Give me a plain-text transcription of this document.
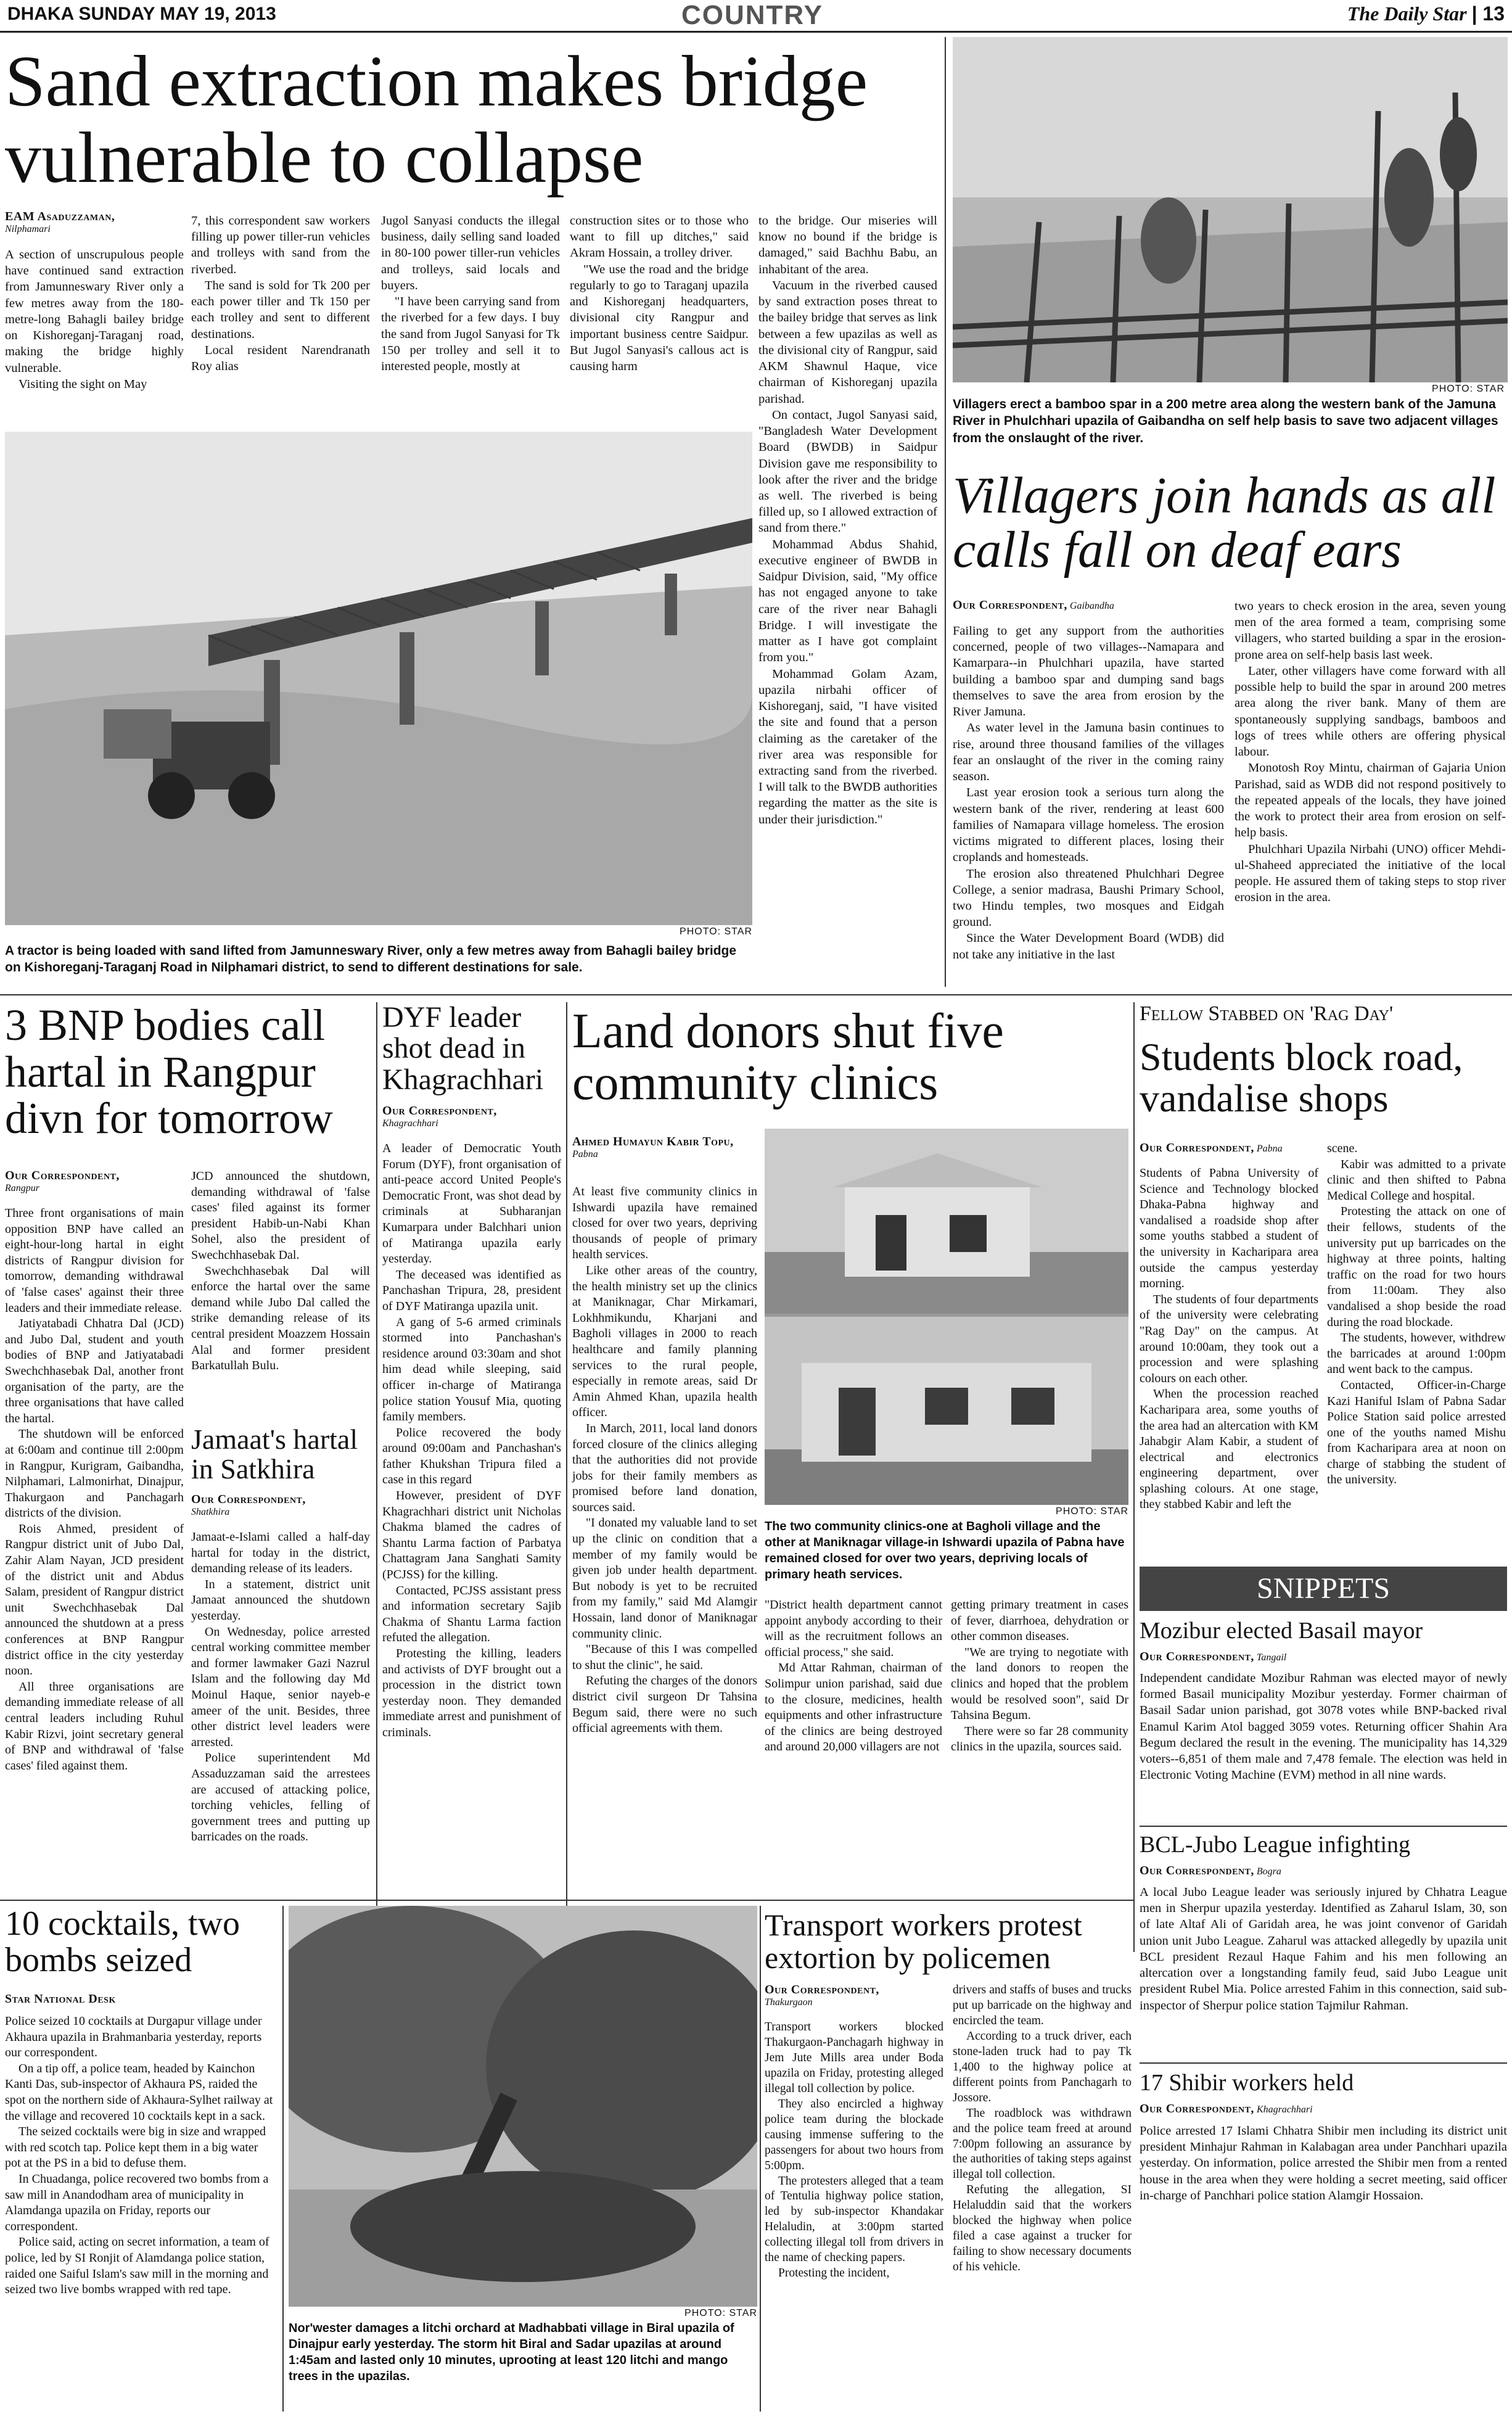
DHAKA SUNDAY MAY 19, 2013	COUNTRY	The Daily Star | 13
Sand extraction makes bridge vulnerable to collapse
EAM Asaduzzaman,
Nilphamari

A section of unscrupulous people have continued sand extraction from Jamunneswary River only a few metres away from the 180-metre-long Bahagli bailey bridge on Kishoreganj-Taraganj road, making the bridge highly vulnerable.

Visiting the sight on May

7, this correspondent saw workers filling up power tiller-run vehicles and trolleys with sand from the riverbed.

The sand is sold for Tk 200 per each power tiller and Tk 150 per each trolley and sent to different destinations.

Local resident Narendranath Roy alias

Jugol Sanyasi conducts the illegal business, daily selling sand loaded in 80-100 power tiller-run vehicles and trolleys, said locals and buyers.

"I have been carrying sand from the riverbed for a few days. I buy the sand from Jugol Sanyasi for Tk 150 per trolley and sell it to interested people, mostly at

construction sites or to those who want to fill up ditches," said Akram Hossain, a trolley driver.

"We use the road and the bridge regularly to go to Taraganj upazila and Kishoreganj headquarters, divisional city Rangpur and important business centre Saidpur. But Jugol Sanyasi's callous act is causing harm

to the bridge. Our miseries will know no bound if the bridge is damaged," said Bachhu Babu, an inhabitant of the area.

Vacuum in the riverbed caused by sand extraction poses threat to the bailey bridge that serves as link between a few upazilas as well as the divisional city of Rangpur, said AKM Shawnul Haque, vice chairman of Kishoreganj upazila parishad.

On contact, Jugol Sanyasi said, "Bangladesh Water Development Board (BWDB) in Saidpur Division gave me responsibility to look after the river and the bridge as well. The riverbed is being filled up, so I allowed extraction of sand from there."

Mohammad Abdus Shahid, executive engineer of BWDB in Saidpur Division, said, "My office has not engaged anyone to take care of the river near Bahagli Bridge. I will investigate the matter as I have got complaint from you."

Mohammad Golam Azam, upazila nirbahi officer of Kishoreganj, said, "I have visited the site and found that a person claiming as the caretaker of the river area was responsible for extracting sand from the riverbed. I will talk to the BWDB authorities regarding the matter as the site is under their jurisdiction."

PHOTO: STAR
A tractor is being loaded with sand lifted from Jamunneswary River, only a few metres away from Bahagli bailey bridge on Kishoreganj-Taraganj Road in Nilphamari district, to send to different destinations for sale.
PHOTO: STAR
Villagers erect a bamboo spar in a 200 metre area along the western bank of the Jamuna River in Phulchhari upazila of Gaibandha on self help basis to save two adjacent villages from the onslaught of the river.
Villagers join hands as all calls fall on deaf ears
Our Correspondent, Gaibandha

Failing to get any support from the authorities concerned, people of two villages--Namapara and Kamarpara--in Phulchhari upazila, have started building a bamboo spar and dumping sand bags themselves to save the area from erosion by the River Jamuna.

As water level in the Jamuna basin continues to rise, around three thousand families of the villages fear an onslaught of the river in the coming rainy season.

Last year erosion took a serious turn along the western bank of the river, rendering at least 600 families of Namapara village homeless. The erosion victims migrated to different places, losing their croplands and homesteads.

The erosion also threatened Phulchhari Degree College, a senior madrasa, Baushi Primary School, two Hindu temples, two mosques and Eidgah ground.

Since the Water Development Board (WDB) did not take any initiative in the last

two years to check erosion in the area, seven young men of the area formed a team, comprising some villagers, who started building a spar in the erosion-prone area on self-help basis last week.

Later, other villagers have come forward with all possible help to build the spar in around 200 metres area along the river bank. Many of them are spontaneously supplying sandbags, bamboos and logs of trees while others are offering physical labour.

Monotosh Roy Mintu, chairman of Gajaria Union Parishad, said as WDB did not respond positively to the repeated appeals of the locals, they have joined the work to protect their area from erosion on self-help basis.

Phulchhari Upazila Nirbahi (UNO) officer Mehdi-ul-Shaheed appreciated the initiative of the local people. He assured them of taking steps to stop river erosion in the area.

3 BNP bodies call hartal in Rangpur divn for tomorrow
Our Correspondent,
Rangpur

Three front organisations of main opposition BNP have called an eight-hour-long hartal in eight districts of Rangpur division for tomorrow, demanding withdrawal of 'false cases' against their three leaders and their immediate release.

Jatiyatabadi Chhatra Dal (JCD) and Jubo Dal, student and youth bodies of BNP and Jatiyatabadi Swechchhasebak Dal, another front organisation of the party, are the three organisations that have called the hartal.

The shutdown will be enforced at 6:00am and continue till 2:00pm in Rangpur, Kurigram, Gaibandha, Nilphamari, Lalmonirhat, Dinajpur, Thakurgaon and Panchagarh districts of the division.

Rois Ahmed, president of Rangpur district unit of Jubo Dal, Zahir Alam Nayan, JCD president of the district unit and Abdus Salam, president of Rangpur district unit Swechchhasebak Dal announced the shutdown at a press conferences at BNP Rangpur district office in the city yesterday noon.

All three organisations are demanding immediate release of all central leaders including Ruhul Kabir Rizvi, joint secretary general of BNP and withdrawal of 'false cases' filed against them.

JCD announced the shutdown, demanding withdrawal of 'false cases' filed against its former president Habib-un-Nabi Khan Sohel, also the president of Swechchhasebak Dal.

Swechchhasebak Dal will enforce the hartal over the same demand while Jubo Dal called the strike demanding release of its central president Moazzem Hossain Alal and former president Barkatullah Bulu.

Jamaat's hartal in Satkhira
Our Correspondent,
Shatkhira

Jamaat-e-Islami called a half-day hartal for today in the district, demanding release of its leaders.

In a statement, district unit Jamaat announced the shutdown yesterday.

On Wednesday, police arrested central working committee member and former lawmaker Gazi Nazrul Islam and the following day Md Moinul Haque, senior nayeb-e ameer of the unit. Besides, three other district level leaders were arrested.

Police superintendent Md Assaduzzaman said the arrestees are accused of attacking police, torching vehicles, felling of government trees and putting up barricades on the roads.

DYF leader shot dead in Khagrachhari
Our Correspondent,
Khagrachhari

A leader of Democratic Youth Forum (DYF), front organisation of anti-peace accord United People's Democratic Front, was shot dead by criminals at Subharanjan Kumarpara under Balchhari union of Matiranga upazila early yesterday.

The deceased was identified as Panchashan Tripura, 28, president of DYF Matiranga upazila unit.

A gang of 5-6 armed criminals stormed into Panchashan's residence around 03:30am and shot him dead while sleeping, said officer in-charge of Matiranga police station Yousuf Mia, quoting family members.

Police recovered the body around 09:00am and Panchashan's father Khukshan Tripura filed a case in this regard

However, president of DYF Khagrachhari district unit Nicholas Chakma blamed the cadres of Shantu Larma faction of Parbatya Chattagram Jana Sanghati Samity (PCJSS) for the killing.

Contacted, PCJSS assistant press and information secretary Sajib Chakma of Shantu Larma faction refuted the allegation.

Protesting the killing, leaders and activists of DYF brought out a procession in the district town yesterday noon. They demanded immediate arrest and punishment of criminals.

Land donors shut five community clinics
Ahmed Humayun Kabir Topu,
Pabna

At least five community clinics in Ishwardi upazila have remained closed for over two years, depriving thousands of people of primary health services.

Like other areas of the country, the health ministry set up the clinics at Maniknagar, Char Mirkamari, Lokhhmikundu, Kharjani and Bagholi villages in 2000 to reach healthcare and family planning services to the rural people, especially in remote areas, said Dr Amin Ahmed Khan, upazila health officer.

In March, 2011, local land donors forced closure of the clinics alleging that the authorities did not provide jobs for their family members as promised before land donation, sources said.

"I donated my valuable land to set up the clinic on condition that a member of my family would be given job under health department. But nobody is yet to be recruited from my family," said Md Alamgir Hossain, land donor of Maniknagar community clinic.

"Because of this I was compelled to shut the clinic", he said.

Refuting the charges of the donors district civil surgeon Dr Tahsina Begum said, there were no such official agreements with them.

PHOTO: STAR
The two community clinics-one at Bagholi village and the other at Maniknagar village-in Ishwardi upazila of Pabna have remained closed for over two years, depriving locals of primary heath services.

"District health department cannot appoint anybody according to their will as the recruitment follows an official process," she said.

Md Attar Rahman, chairman of Solimpur union parishad, said due to the closure, medicines, health equipments and other infrastructure of the clinics are being destroyed and around 20,000 villagers are not

getting primary treatment in cases of fever, diarrhoea, dehydration or other common diseases.

"We are trying to negotiate with the land donors to reopen the clinics and hoped that the problem would be resolved soon", said Dr Tahsina Begum.

There were so far 28 community clinics in the upazila, sources said.

Fellow Stabbed on 'Rag Day'
Students block road, vandalise shops
Our Correspondent, Pabna

Students of Pabna University of Science and Technology blocked Dhaka-Pabna highway and vandalised a roadside shop after some youths stabbed a student of the university in Kacharipara area outside the campus yesterday morning.

The students of four departments of the university were celebrating "Rag Day" on the campus. At around 10:00am, they took out a procession and were splashing colours on each other.

When the procession reached Kacharipara area, some youths of the area had an altercation with KM Jahabgir Alam Kabir, a student of electrical and electronics engineering department, over splashing colours. At one stage, they stabbed Kabir and left the

scene.

Kabir was admitted to a private clinic and then shifted to Pabna Medical College and hospital.

Protesting the attack on one of their fellows, students of the university put up barricades on the highway at three points, halting traffic on the road for two hours from 11:00am. They also vandalised a shop beside the road during the road blockade.

The students, however, withdrew the barricades at around 1:00pm and went back to the campus.

Contacted, Officer-in-Charge Kazi Haniful Islam of Pabna Sadar Police Station said police arrested one of the youths named Mishu from Kacharipara area at noon on charge of stabbing the student of the university.

SNIPPETS
Mozibur elected Basail mayor
Our Correspondent, Tangail
Independent candidate Mozibur Rahman was elected mayor of newly formed Basail municipality Mozibur yesterday. Former chairman of Basail Sadar union parishad, got 3078 votes while BNP-backed rival Enamul Karim Atol bagged 3059 votes. Returning officer Shahin Ara Begum declared the result in the evening. The municipality has 14,329 voters--6,851 of them male and 7,478 female. The election was held in Electronic Voting Machine (EVM) method in all nine wards.
BCL-Jubo League infighting
Our Correspondent, Bogra
A local Jubo League leader was seriously injured by Chhatra League men in Sherpur upazila yesterday. Identified as Zaharul Islam, 30, son of late Altaf Ali of Garidah area, he was joint convenor of Garidah union unit Jubo League. Zaharul was attacked allegedly by upazila unit BCL president Rezaul Haque Fahim and his men following an altercation over a longstanding family feud, said Jubo League unit president Rubel Mia. Police arrested Fahim in this connection, said sub-inspector of Sherpur police station Tajmilur Rahman.
17 Shibir workers held
Our Correspondent, Khagrachhari
Police arrested 17 Islami Chhatra Shibir men including its district unit president Minhajur Rahman in Kalabagan area under Panchhari upazila yesterday. On information, police arrested the Shibir men from a rented house in the area when they were holding a secret meeting, said officer in-charge of Panchhari police station Alamgir Hossaion.
10 cocktails, two bombs seized
Star National Desk

Police seized 10 cocktails at Durgapur village under Akhaura upazila in Brahmanbaria yesterday, reports our correspondent.

On a tip off, a police team, headed by Kainchon Kanti Das, sub-inspector of Akhaura PS, raided the spot on the northern side of Akhaura-Sylhet railway at the village and recovered 10 cocktails kept in a sack.

The seized cocktails were big in size and wrapped with red scotch tap. Police kept them in a big water pot at the PS in a bid to defuse them.

In Chuadanga, police recovered two bombs from a saw mill in Anandodham area of municipality in Alamdanga upazila on Friday, reports our correspondent.

Police said, acting on secret information, a team of police, led by SI Ronjit of Alamdanga police station, raided one Saiful Islam's saw mill in the morning and seized two live bombs wrapped with red tape.

PHOTO: STAR
Nor'wester damages a litchi orchard at Madhabbati village in Biral upazila of Dinajpur early yesterday. The storm hit Biral and Sadar upazilas at around 1:45am and lasted only 10 minutes, uprooting at least 120 litchi and mango trees in the upazilas.
Transport workers protest extortion by policemen
Our Correspondent,
Thakurgaon

Transport workers blocked Thakurgaon-Panchagarh highway in Jem Jute Mills area under Boda upazila on Friday, protesting alleged illegal toll collection by police.

They also encircled a highway police team during the blockade causing immense suffering to the passengers for about two hours from 5:00pm.

The protesters alleged that a team of Tentulia highway police station, led by sub-inspector Khandakar Helaludin, at 3:00pm started collecting illegal toll from drivers in the name of checking papers.

Protesting the incident,

drivers and staffs of buses and trucks put up barricade on the highway and encircled the team.

According to a truck driver, each stone-laden truck had to pay Tk 1,400 to the highway police at different points from Panchagarh to Jossore.

The roadblock was withdrawn and the police team freed at around 7:00pm following an assurance by the authorities of taking steps against illegal toll collection.

Refuting the allegation, SI Helaluddin said that the workers blocked the highway when police filed a case against a trucker for failing to show necessary documents of his vehicle.
